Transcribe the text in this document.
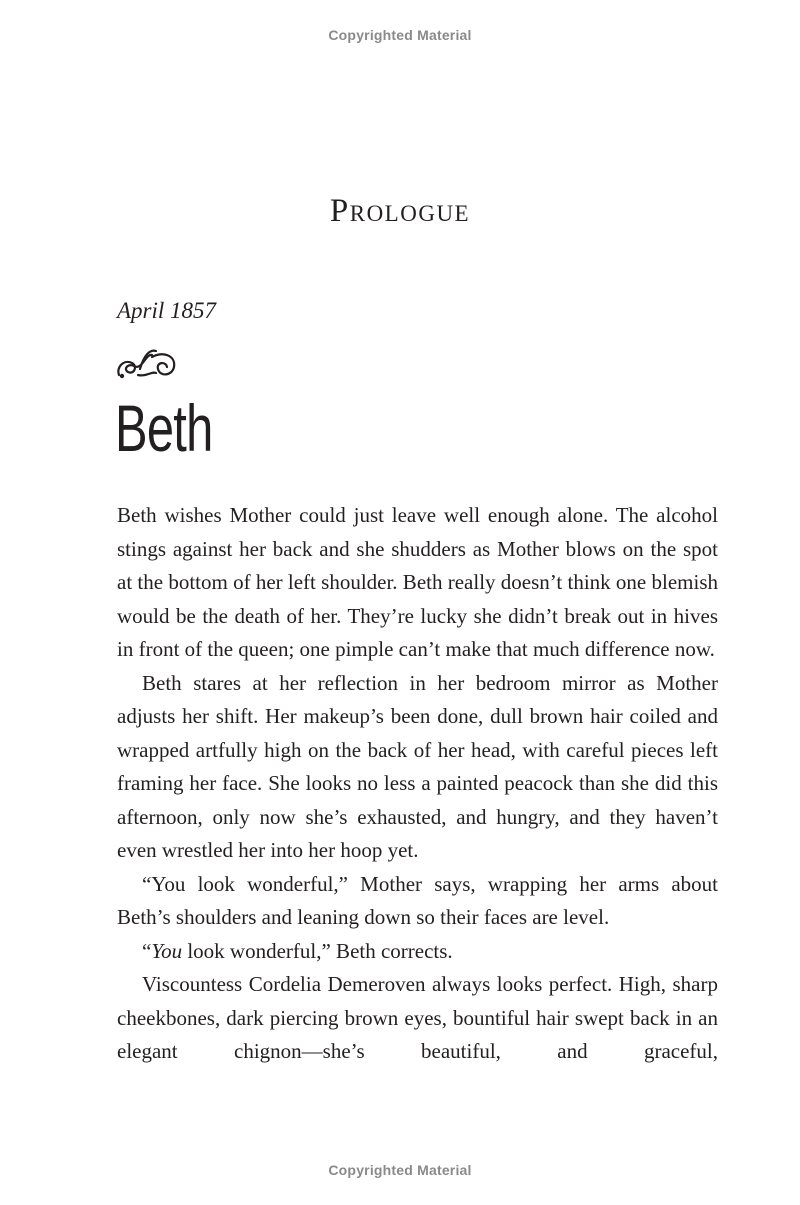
Copyrighted Material
Prologue
April 1857
Beth

Beth wishes Mother could just leave well enough alone. The alcohol stings against her back and she shudders as Mother blows on the spot at the bottom of her left shoulder. Beth really doesn’t think one blemish would be the death of her. They’re lucky she didn’t break out in hives in front of the queen; one pimple can’t make that much difference now.

Beth stares at her reflection in her bedroom mirror as Mother adjusts her shift. Her makeup’s been done, dull brown hair coiled and wrapped artfully high on the back of her head, with careful pieces left framing her face. She looks no less a painted peacock than she did this afternoon, only now she’s exhausted, and hungry, and they haven’t even wrestled her into her hoop yet.

“You look wonderful,” Mother says, wrapping her arms about Beth’s shoulders and leaning down so their faces are level.

“You look wonderful,” Beth corrects.

Viscountess Cordelia Demeroven always looks perfect. High, sharp cheekbones, dark piercing brown eyes, bountiful hair swept back in an elegant chignon—she’s beautiful, and graceful,

Copyrighted Material
